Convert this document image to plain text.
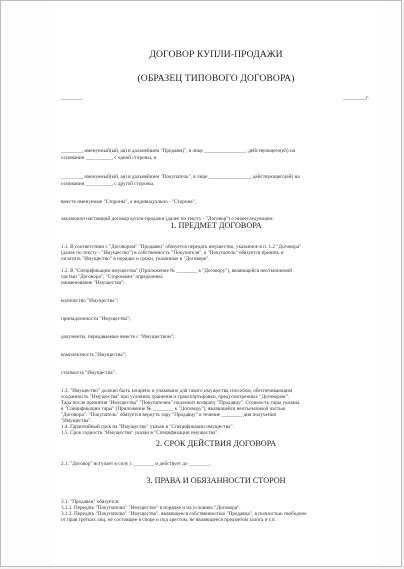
ДОГОВОР КУПЛИ-ПРОДАЖИ
(ОБРАЗЕЦ ТИПОВОГО ДОГОВОРА)
________	_________г.
________, именуемый(ый, ая) в дальнейшем "Продавец", в лице ________________, действующего(ей) на
основании __________, с одной стороны, и
________, именуемый(ый, ая) в дальнейшем "Покупатель", в лице ________________, действующего(ей) на
основании __________, с другой стороны,
вместе именуемые "Стороны", а индивидуально - "Сторона",
заключили настоящий договор купли-продажи (далее по тексту - "Договор") о нижеследующем.
1. ПРЕДМЕТ ДОГОВОРА
1.1. В соответствии с "Договором" "Продавец" обязуется передать имущество, указанное в п. 1.2 "Договора"
(далее по тексту - "Имущество") в собственность "Покупателя", а "Покупатель" обязуется принять и
оплатить "Имущество" в порядке и сроки, указанные в "Договоре".
1.2. В "Спецификации имущества" (Приложение № ________ к "Договору"), являющейся неотъемлемой
частью "Договора", "Сторонами" определены:
наименование "Имущества";
количество "Имущества";
принадлежности "Имущества";
документы, передаваемые вместе с "Имуществом";
комплектность "Имущества";
стоимость "Имущества".
1.3. "Имущество" должно быть затарено и упаковано для такого имущества способом, обеспечивающим
сохранность "Имущества" при условиях хранения и транспортировки, предусмотренных "Договором".
Тара после принятия "Имущества" "Покупателем" подлежит возврату "Продавцу". Стоимость тары указана
в "Спецификации тары" (Приложение № ________ к "Договору"), являющейся неотъемлемой частью
"Договора". "Покупатель" обязуется вернуть тару "Продавцу" в течение ________ дня получения
"Имущества".
1.4. Гарантийный срок на "Имущество" указан в "Спецификации имущества".
1.5. Срок годности "Имущества" указан в "Спецификации имущества".
2. СРОК ДЕЙСТВИЯ ДОГОВОРА
2.1. "Договор" вступает в силу с ________ и действует до ________.
3. ПРАВА И ОБЯЗАННОСТИ СТОРОН
3.1. "Продавец" обязуется:
3.1.1. Передать "Покупателю" "Имущество" в порядке и на условиях "Договора".
3.1.2. Передать "Покупателю" "Имущество", являющееся собственностью "Продавца", в полностью свободное
от прав третьих лиц, не состоящее в споре и под арестом, не являющееся предметом залога и т.п.
